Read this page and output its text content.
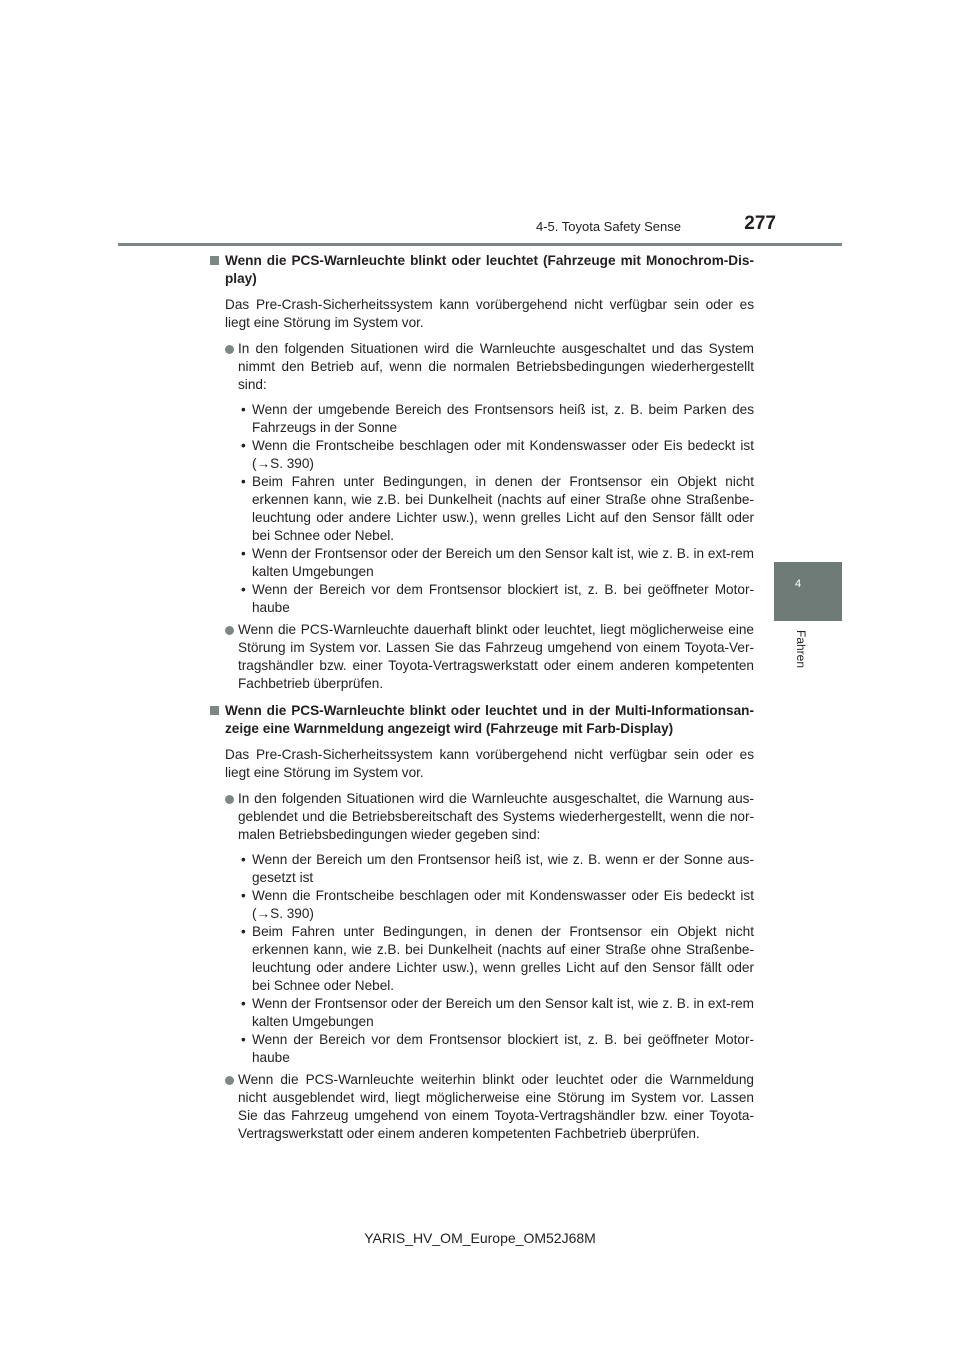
4-5. Toyota Safety Sense	277
4
Fahren
Wenn die PCS-Warnleuchte blinkt oder leuchtet (Fahrzeuge mit Monochrom-Dis-play)
Das Pre-Crash-Sicherheitssystem kann vorübergehend nicht verfügbar sein oder es liegt eine Störung im System vor.
In den folgenden Situationen wird die Warnleuchte ausgeschaltet und das System nimmt den Betrieb auf, wenn die normalen Betriebsbedingungen wiederhergestellt sind:
• Wenn der umgebende Bereich des Frontsensors heiß ist, z. B. beim Parken des Fahrzeugs in der Sonne
• Wenn die Frontscheibe beschlagen oder mit Kondenswasser oder Eis bedeckt ist (→S. 390)
• Beim Fahren unter Bedingungen, in denen der Frontsensor ein Objekt nicht erkennen kann, wie z.B. bei Dunkelheit (nachts auf einer Straße ohne Straßenbe-leuchtung oder andere Lichter usw.), wenn grelles Licht auf den Sensor fällt oder bei Schnee oder Nebel.
• Wenn der Frontsensor oder der Bereich um den Sensor kalt ist, wie z. B. in ext-rem kalten Umgebungen
• Wenn der Bereich vor dem Frontsensor blockiert ist, z. B. bei geöffneter Motor-haube
Wenn die PCS-Warnleuchte dauerhaft blinkt oder leuchtet, liegt möglicherweise eine Störung im System vor. Lassen Sie das Fahrzeug umgehend von einem Toyota-Ver-tragshändler bzw. einer Toyota-Vertragswerkstatt oder einem anderen kompetenten Fachbetrieb überprüfen.
Wenn die PCS-Warnleuchte blinkt oder leuchtet und in der Multi-Informationsan-zeige eine Warnmeldung angezeigt wird (Fahrzeuge mit Farb-Display)
Das Pre-Crash-Sicherheitssystem kann vorübergehend nicht verfügbar sein oder es liegt eine Störung im System vor.
In den folgenden Situationen wird die Warnleuchte ausgeschaltet, die Warnung aus-geblendet und die Betriebsbereitschaft des Systems wiederhergestellt, wenn die nor-malen Betriebsbedingungen wieder gegeben sind:
• Wenn der Bereich um den Frontsensor heiß ist, wie z. B. wenn er der Sonne aus-gesetzt ist
• Wenn die Frontscheibe beschlagen oder mit Kondenswasser oder Eis bedeckt ist (→S. 390)
• Beim Fahren unter Bedingungen, in denen der Frontsensor ein Objekt nicht erkennen kann, wie z.B. bei Dunkelheit (nachts auf einer Straße ohne Straßenbe-leuchtung oder andere Lichter usw.), wenn grelles Licht auf den Sensor fällt oder bei Schnee oder Nebel.
• Wenn der Frontsensor oder der Bereich um den Sensor kalt ist, wie z. B. in ext-rem kalten Umgebungen
• Wenn der Bereich vor dem Frontsensor blockiert ist, z. B. bei geöffneter Motor-haube
Wenn die PCS-Warnleuchte weiterhin blinkt oder leuchtet oder die Warnmeldung nicht ausgeblendet wird, liegt möglicherweise eine Störung im System vor. Lassen Sie das Fahrzeug umgehend von einem Toyota-Vertragshändler bzw. einer Toyota-Vertragswerkstatt oder einem anderen kompetenten Fachbetrieb überprüfen.
YARIS_HV_OM_Europe_OM52J68M
